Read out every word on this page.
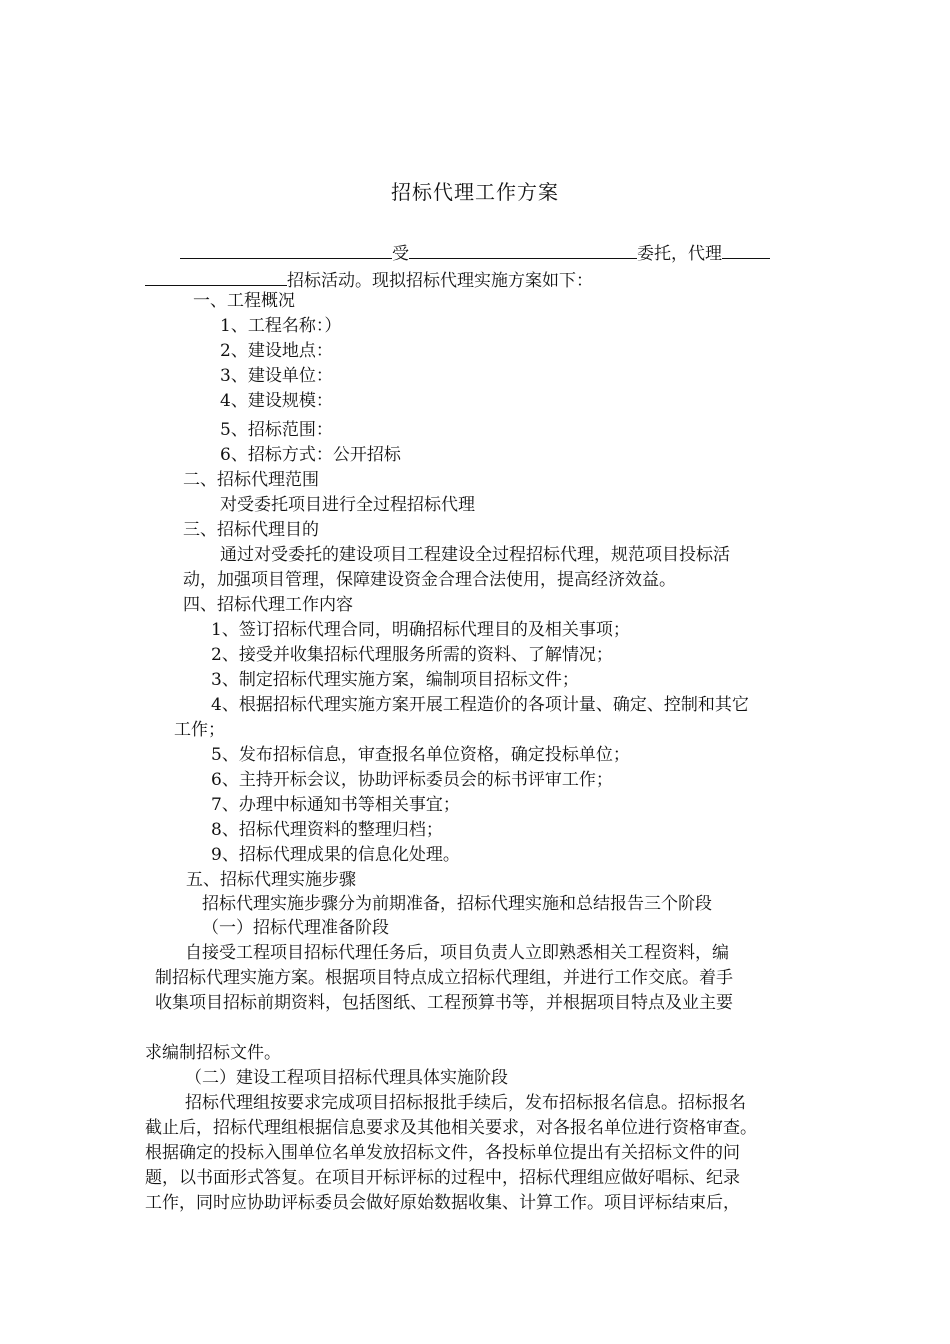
招标代理工作方案
受	委托，代理
招标活动。现拟招标代理实施方案如下：
一、工程概况
1、工程名称：）
2、建设地点：
3、建设单位：
4、建设规模：
5、招标范围：
6、招标方式：公开招标
二、招标代理范围
对受委托项目进行全过程招标代理
三、招标代理目的
通过对受委托的建设项目工程建设全过程招标代理，规范项目投标活
动，加强项目管理，保障建设资金合理合法使用，提高经济效益。
四、招标代理工作内容
1、签订招标代理合同，明确招标代理目的及相关事项；
2、接受并收集招标代理服务所需的资料、了解情况；
3、制定招标代理实施方案，编制项目招标文件；
4、根据招标代理实施方案开展工程造价的各项计量、确定、控制和其它
工作；
5、发布招标信息，审查报名单位资格，确定投标单位；
6、主持开标会议，协助评标委员会的标书评审工作；
7、办理中标通知书等相关事宜；
8、招标代理资料的整理归档；
9、招标代理成果的信息化处理。
五、招标代理实施步骤
招标代理实施步骤分为前期准备，招标代理实施和总结报告三个阶段
（一）招标代理准备阶段
自接受工程项目招标代理任务后，项目负责人立即熟悉相关工程资料，编
制招标代理实施方案。根据项目特点成立招标代理组，并进行工作交底。着手
收集项目招标前期资料，包括图纸、工程预算书等，并根据项目特点及业主要
求编制招标文件。
（二）建设工程项目招标代理具体实施阶段
招标代理组按要求完成项目招标报批手续后，发布招标报名信息。招标报名
截止后，招标代理组根据信息要求及其他相关要求，对各报名单位进行资格审查。
根据确定的投标入围单位名单发放招标文件，各投标单位提出有关招标文件的问
题，以书面形式答复。在项目开标评标的过程中，招标代理组应做好唱标、纪录
工作，同时应协助评标委员会做好原始数据收集、计算工作。项目评标结束后，
